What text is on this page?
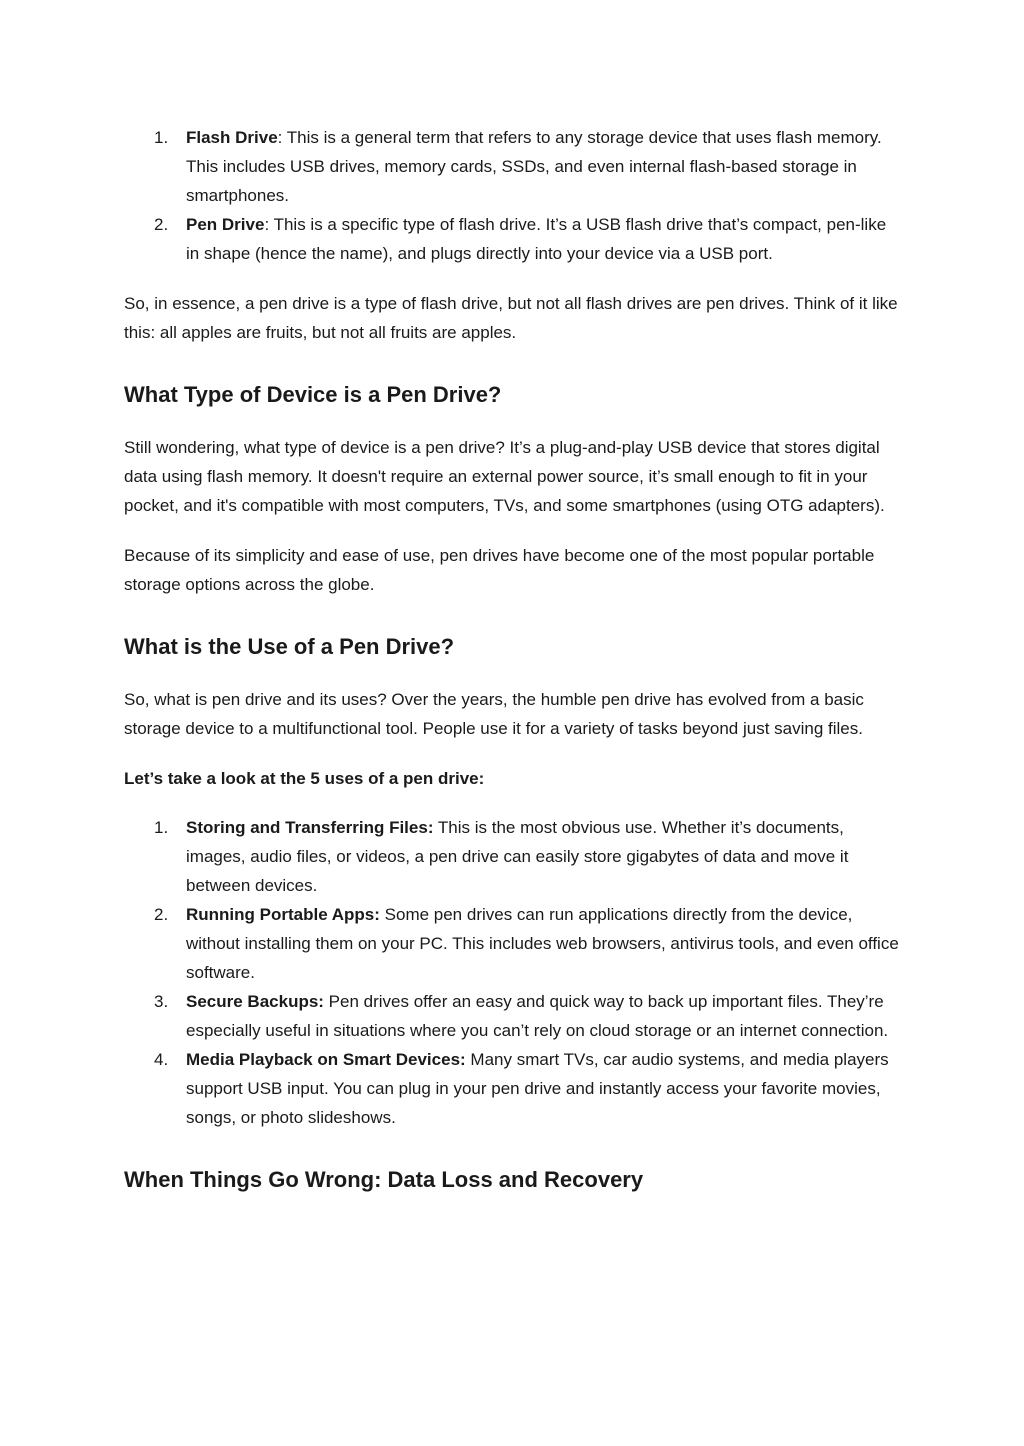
1. Flash Drive: This is a general term that refers to any storage device that uses flash memory. This includes USB drives, memory cards, SSDs, and even internal flash-based storage in smartphones.
2. Pen Drive: This is a specific type of flash drive. It’s a USB flash drive that’s compact, pen-like in shape (hence the name), and plugs directly into your device via a USB port.

So, in essence, a pen drive is a type of flash drive, but not all flash drives are pen drives. Think of it like this: all apples are fruits, but not all fruits are apples.

What Type of Device is a Pen Drive?

Still wondering, what type of device is a pen drive? It’s a plug-and-play USB device that stores digital data using flash memory. It doesn't require an external power source, it’s small enough to fit in your pocket, and it's compatible with most computers, TVs, and some smartphones (using OTG adapters).

Because of its simplicity and ease of use, pen drives have become one of the most popular portable storage options across the globe.

What is the Use of a Pen Drive?

So, what is pen drive and its uses? Over the years, the humble pen drive has evolved from a basic storage device to a multifunctional tool. People use it for a variety of tasks beyond just saving files.

Let’s take a look at the 5 uses of a pen drive:

1. Storing and Transferring Files: This is the most obvious use. Whether it’s documents, images, audio files, or videos, a pen drive can easily store gigabytes of data and move it between devices.
2. Running Portable Apps: Some pen drives can run applications directly from the device, without installing them on your PC. This includes web browsers, antivirus tools, and even office software.
3. Secure Backups: Pen drives offer an easy and quick way to back up important files. They’re especially useful in situations where you can’t rely on cloud storage or an internet connection.
4. Media Playback on Smart Devices: Many smart TVs, car audio systems, and media players support USB input. You can plug in your pen drive and instantly access your favorite movies, songs, or photo slideshows.
When Things Go Wrong: Data Loss and Recovery
